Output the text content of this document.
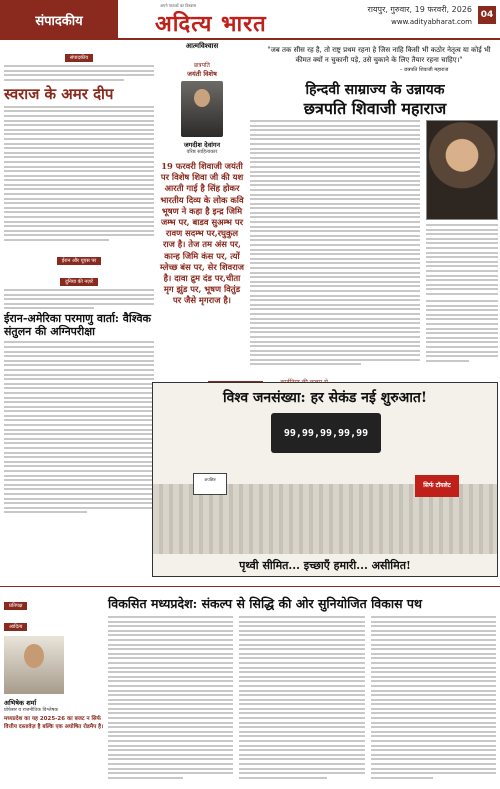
संपादकीय
अपने पाठकों का विश्वास
अदित्य भारत
रायपुर, गुरुवार, 19 फरवरी, 2026
www.adityabharat.com
04
संपादकीय
स्वराज के अमर दीप
ईरान और यूएस पर
दुनिया की नज़रें
ईरान-अमेरिका परमाणु वार्ता: वैश्विक संतुलन की अग्निपरीक्षा
आत्मविश्वास
छत्रपति
जयंती विशेष
जगदीश देवांगन
वरिष्ठ साहित्यकार
19 फरवरी शिवाजी जयंती पर विशेष शिवा जी की यश आरती गाई है सिंह होकर भारतीय दिव्य के लोक कवि भूषण ने कहा है इन्द्र जिमि जम्भ पर, बाडव सुअम्भ पर रावण सदम्भ पर,रघुकुल राज है। तेज तम अंस पर, कान्ह जिमि कंस पर, त्यों म्लेच्छ बंस पर, सेर शिवराज है। दावा द्रुम दंड पर,चीता मृग झुंड पर, भूषण वितुंड पर जैसे मृगराज है।
"जब तक सीस रह है, तो राष्ट्र प्रथम रहना हे जिस नाहि किसी भी कठोर नेतृत्व या कोई भी कीमत क्यों न चुकानी पड़े, उसे चुकाने के लिए तैयार रहना चाहिए।"
– छत्रपति शिवाजी महाराज
हिन्दवी साम्राज्य के उन्नायक
छत्रपति शिवाजी महाराज
विश्व जनसंख्या: हर सेकंड नई शुरुआत!
99,99,99,99,99
अपशिष्ट
सिर्फ टॉयलेट
पृथ्वी सीमित... इच्छाएँ हमारी... असीमित!
प्रतिपक्ष
आदित्य
अभिषेक शर्मा
प्रोफेसर व राजनीतिक विश्लेषक
मध्यप्रदेश का यह 2025-26 का बजट न सिर्फ वित्तीय दस्तावेज़ है बल्कि एक अघोषित रोडमैप है।
विकसित मध्यप्रदेश: संकल्प से सिद्धि की ओर सुनियोजित विकास पथ
